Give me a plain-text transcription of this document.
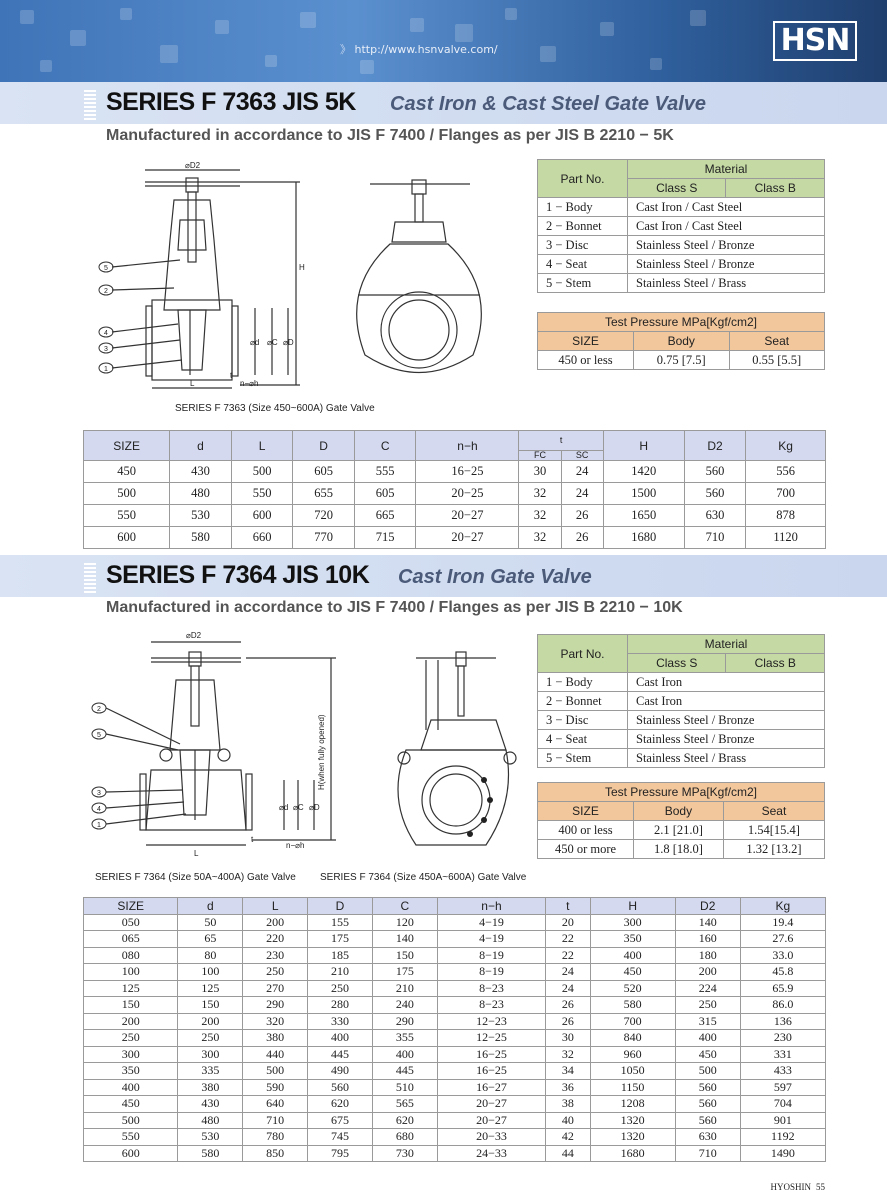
》 http://www.hsnvalve.com/	HSN
SERIES F 7363 JIS 5K Cast Iron & Cast Steel Gate Valve
Manufactured in accordance to JIS F 7400 / Flanges as per JIS B 2210 − 5K
⌀D2
H
⌀d ⌀C ⌀D
L	n−⌀h
t
5
2
4
3
1
SERIES F 7363 (Size 450~600A) Gate Valve
Part No.	Material	
	Class S	Class B
1 − Body	Cast Iron / Cast Steel	
2 − Bonnet	Cast Iron / Cast Steel	
3 − Disc	Stainless Steel / Bronze	
4 − Seat	Stainless Steel / Bronze	
5 − Stem	Stainless Steel / Brass	
Test Pressure MPa[Kgf/cm2]		
SIZE	Body	Seat
450 or less	0.75 [7.5]	0.55 [5.5]
SIZE	d	L	D	C	n−h	t		H	D2	Kg
						FC	SC			
450	430	500	605	555	16−25	30	24	1420	560	556
500	480	550	655	605	20−25	32	24	1500	560	700
550	530	600	720	665	20−27	32	26	1650	630	878
600	580	660	770	715	20−27	32	26	1680	710	1120
SERIES F 7364 JIS 10K Cast Iron Gate Valve
Manufactured in accordance to JIS F 7400 / Flanges as per JIS B 2210 − 10K
⌀D2
H(when fully opened)
⌀d ⌀C ⌀D
L
n−⌀h
t
2
5
3
4
1
SERIES F 7364 (Size 50A~400A) Gate Valve SERIES F 7364 (Size 450A~600A) Gate Valve
Part No.	Material	
	Class S	Class B
1 − Body	Cast Iron	
2 − Bonnet	Cast Iron	
3 − Disc	Stainless Steel / Bronze	
4 − Seat	Stainless Steel / Bronze	
5 − Stem	Stainless Steel / Brass	
Test Pressure MPa[Kgf/cm2]		
SIZE	Body	Seat
400 or less	2.1 [21.0]	1.54[15.4]
450 or more	1.8 [18.0]	1.32 [13.2]
SIZE	d	L	D	C	n−h	t	H	D2	Kg
050	50	200	155	120	4−19	20	300	140	19.4
065	65	220	175	140	4−19	22	350	160	27.6
080	80	230	185	150	8−19	22	400	180	33.0
100	100	250	210	175	8−19	24	450	200	45.8
125	125	270	250	210	8−23	24	520	224	65.9
150	150	290	280	240	8−23	26	580	250	86.0
200	200	320	330	290	12−23	26	700	315	136
250	250	380	400	355	12−25	30	840	400	230
300	300	440	445	400	16−25	32	960	450	331
350	335	500	490	445	16−25	34	1050	500	433
400	380	590	560	510	16−27	36	1150	560	597
450	430	640	620	565	20−27	38	1208	560	704
500	480	710	675	620	20−27	40	1320	560	901
550	530	780	745	680	20−33	42	1320	630	1192
600	580	850	795	730	24−33	44	1680	710	1490
HYOSHIN 55
